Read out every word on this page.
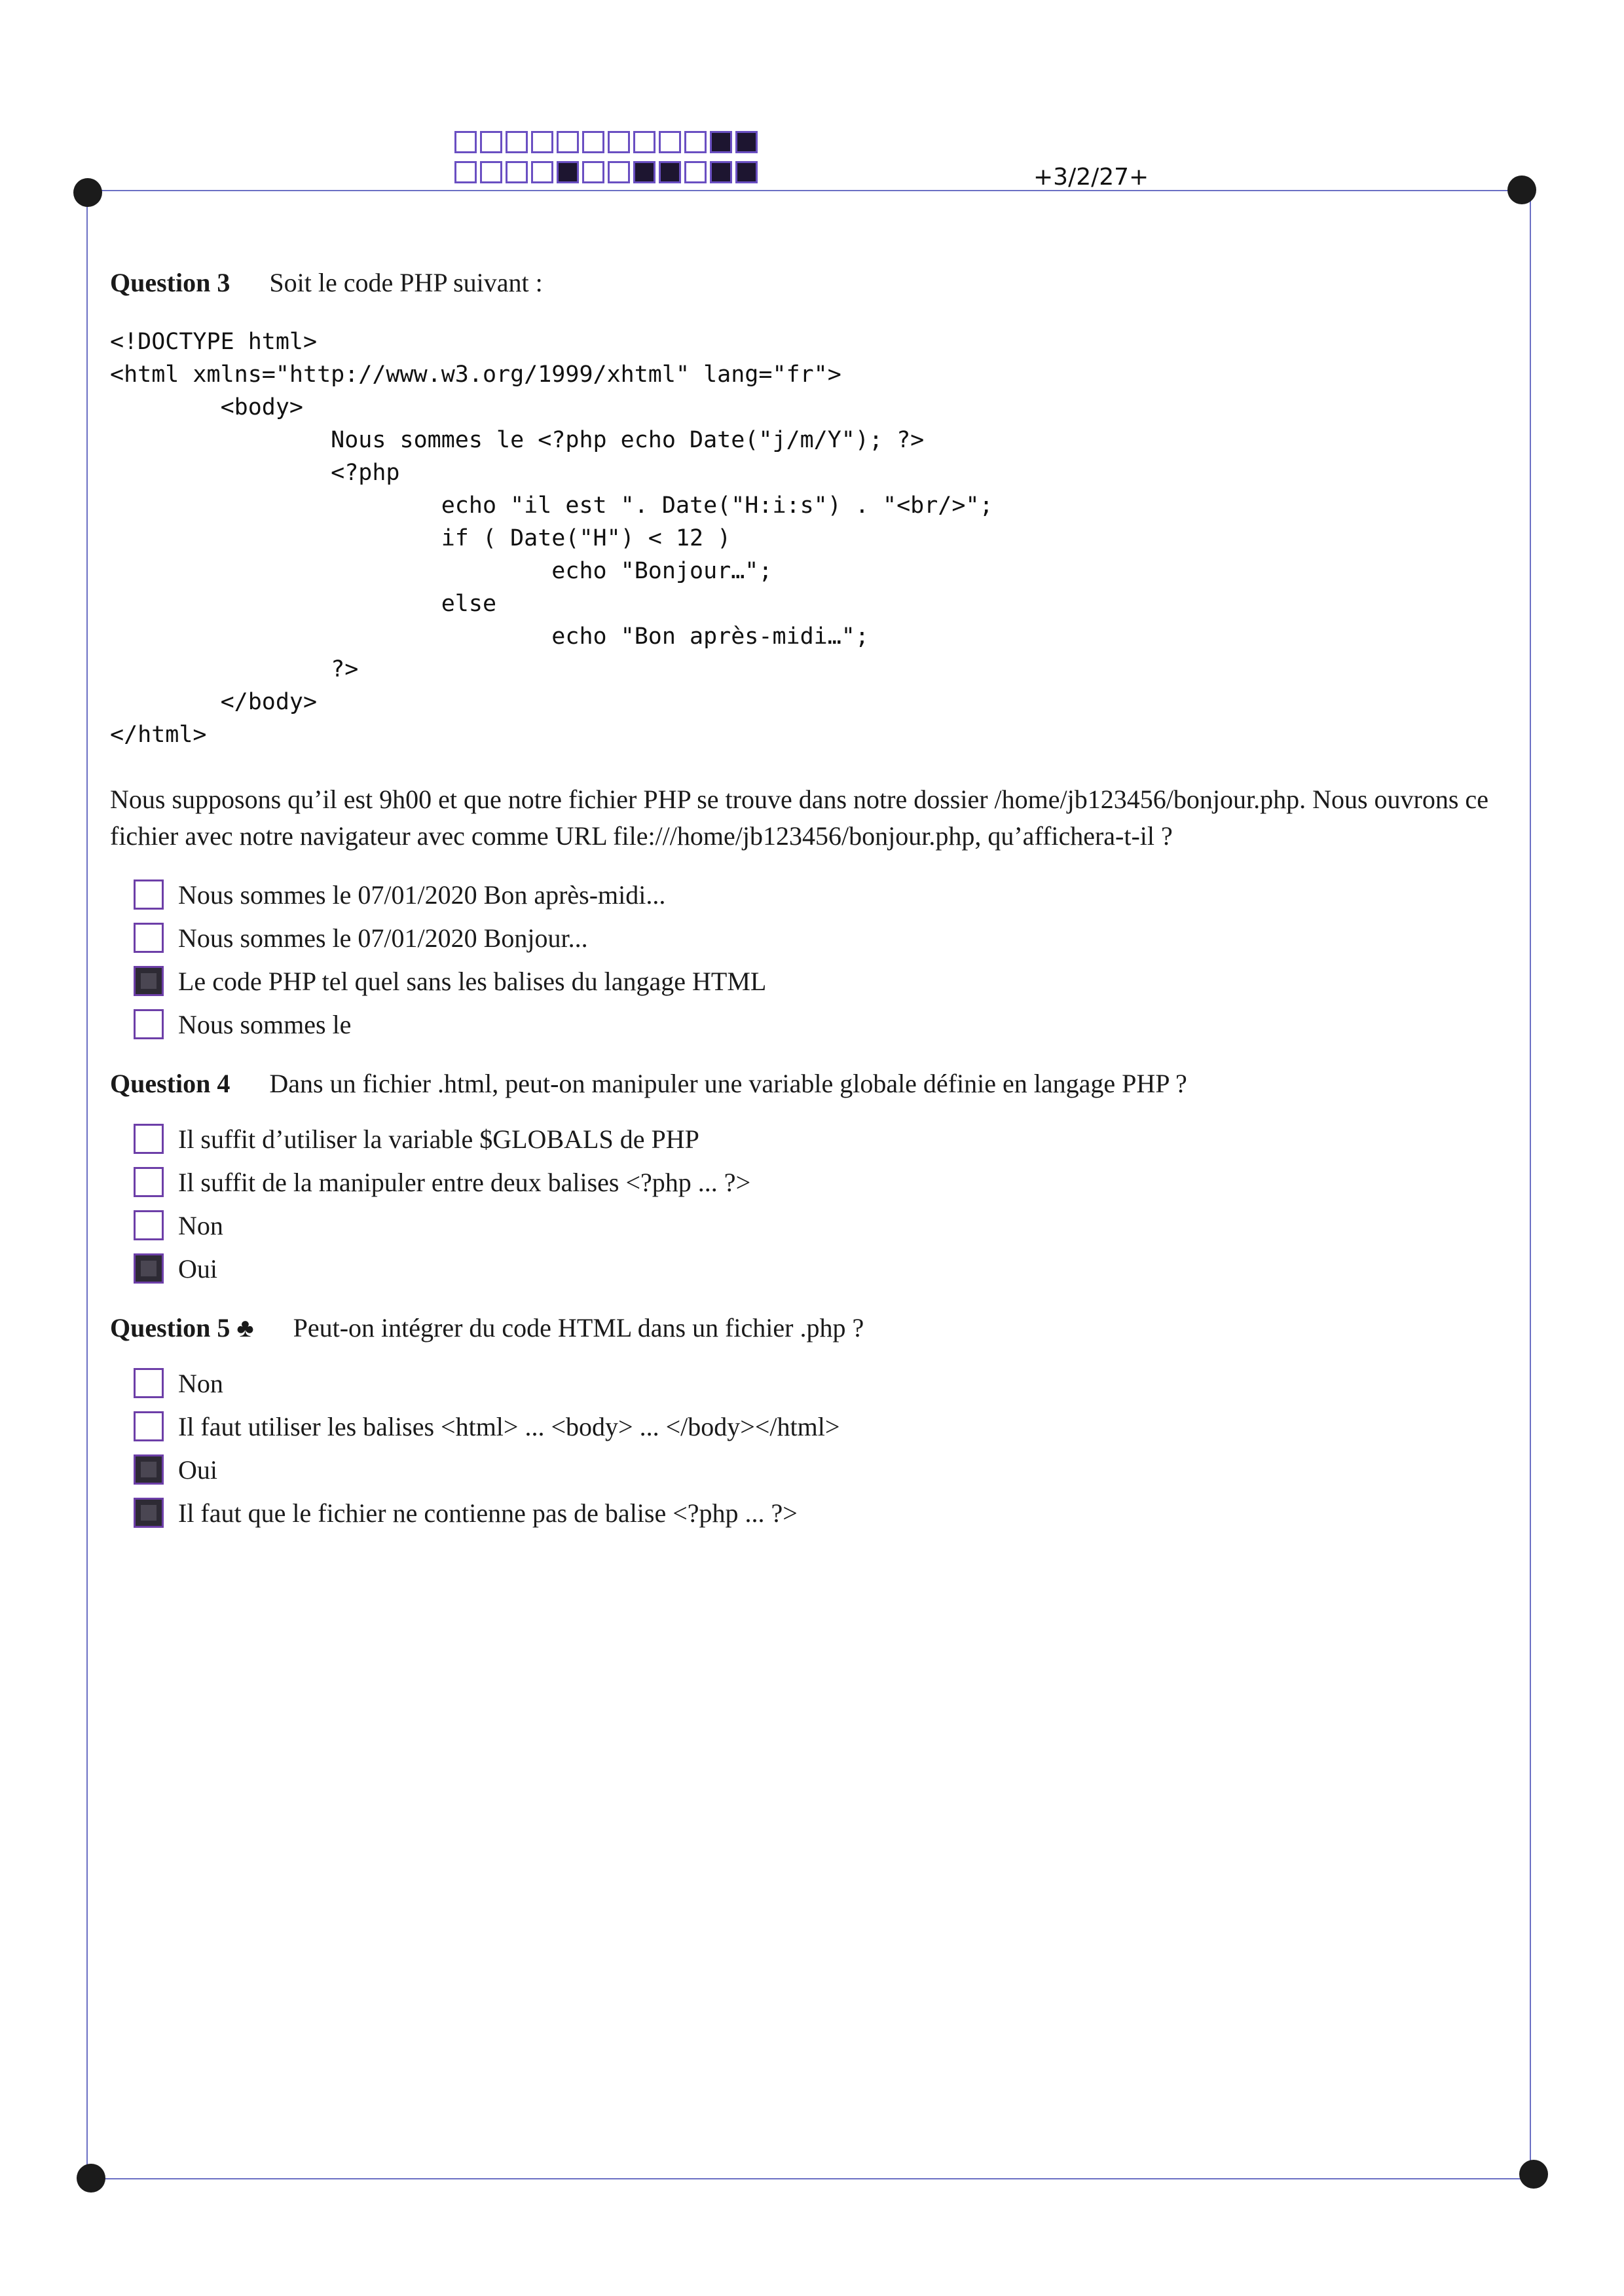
+3/2/27+
Question 3 Soit le code PHP suivant :
<!DOCTYPE html>
<html xmlns="http://www.w3.org/1999/xhtml" lang="fr">
<body>
Nous sommes le <?php echo Date("j/m/Y"); ?>
<?php
echo "il est ". Date("H:i:s") . "<br/>";
if ( Date("H") < 12 )
echo "Bonjour…";
else
echo "Bon après-midi…";
?>
</body>
</html>
Nous supposons qu’il est 9h00 et que notre fichier PHP se trouve dans notre dossier /home/jb123456/bonjour.php. Nous ouvrons ce fichier avec notre navigateur avec comme URL file:///home/jb123456/bonjour.php, qu’affichera-t-il ?
Nous sommes le 07/01/2020 Bon après-midi...
Nous sommes le 07/01/2020 Bonjour...
Le code PHP tel quel sans les balises du langage HTML
Nous sommes le
Question 4 Dans un fichier .html, peut-on manipuler une variable globale définie en langage PHP ?
Il suffit d’utiliser la variable $GLOBALS de PHP
Il suffit de la manipuler entre deux balises <?php ... ?>
Non
Oui
Question 5 ♣ Peut-on intégrer du code HTML dans un fichier .php ?
Non
Il faut utiliser les balises <html> ... <body> ... </body></html>
Oui
Il faut que le fichier ne contienne pas de balise <?php ... ?>
